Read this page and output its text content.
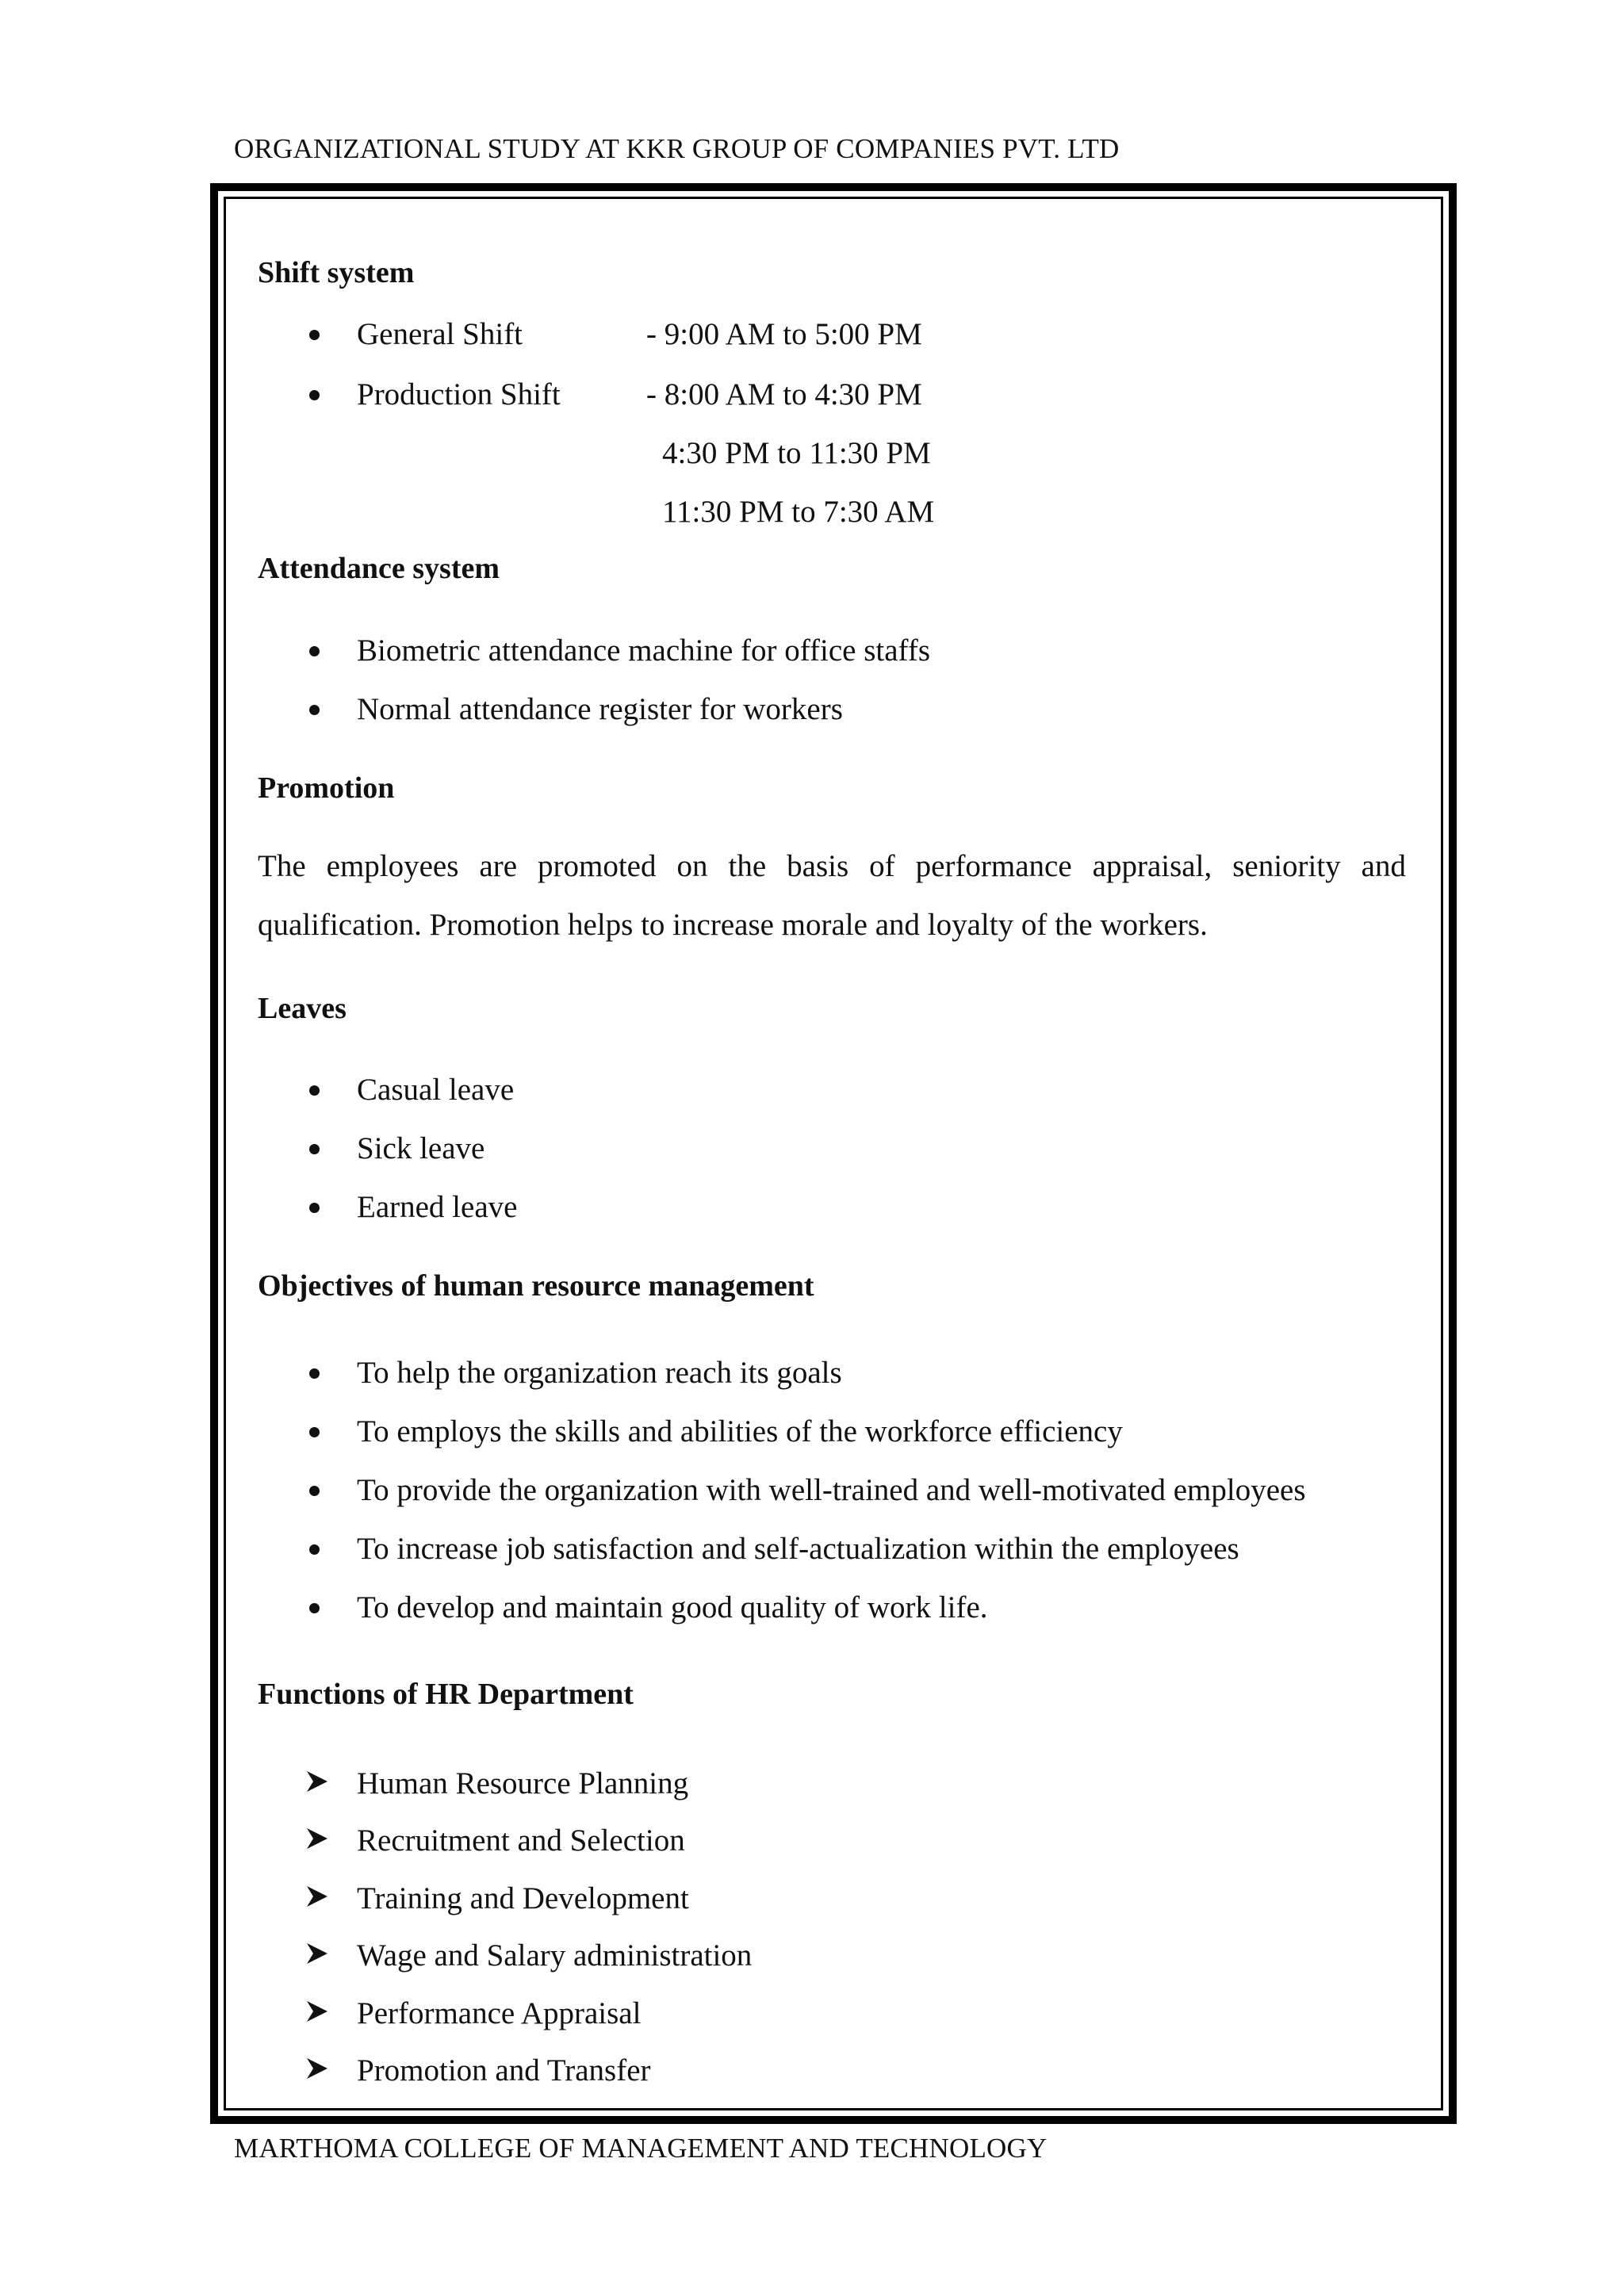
ORGANIZATIONAL STUDY AT KKR GROUP OF COMPANIES PVT. LTD
Shift system
General Shift	- 9:00 AM to 5:00 PM
Production Shift	- 8:00 AM to 4:30 PM
4:30 PM to 11:30 PM
11:30 PM to 7:30 AM
Attendance system
Biometric attendance machine for office staffs
Normal attendance register for workers
Promotion
The employees are promoted on the basis of performance appraisal, seniority and
qualification. Promotion helps to increase morale and loyalty of the workers.
Leaves
Casual leave
Sick leave
Earned leave
Objectives of human resource management
To help the organization reach its goals
To employs the skills and abilities of the workforce efficiency
To provide the organization with well-trained and well-motivated employees
To increase job satisfaction and self-actualization within the employees
To develop and maintain good quality of work life.
Functions of HR Department
Human Resource Planning
Recruitment and Selection
Training and Development
Wage and Salary administration
Performance Appraisal
Promotion and Transfer
MARTHOMA COLLEGE OF MANAGEMENT AND TECHNOLOGY
